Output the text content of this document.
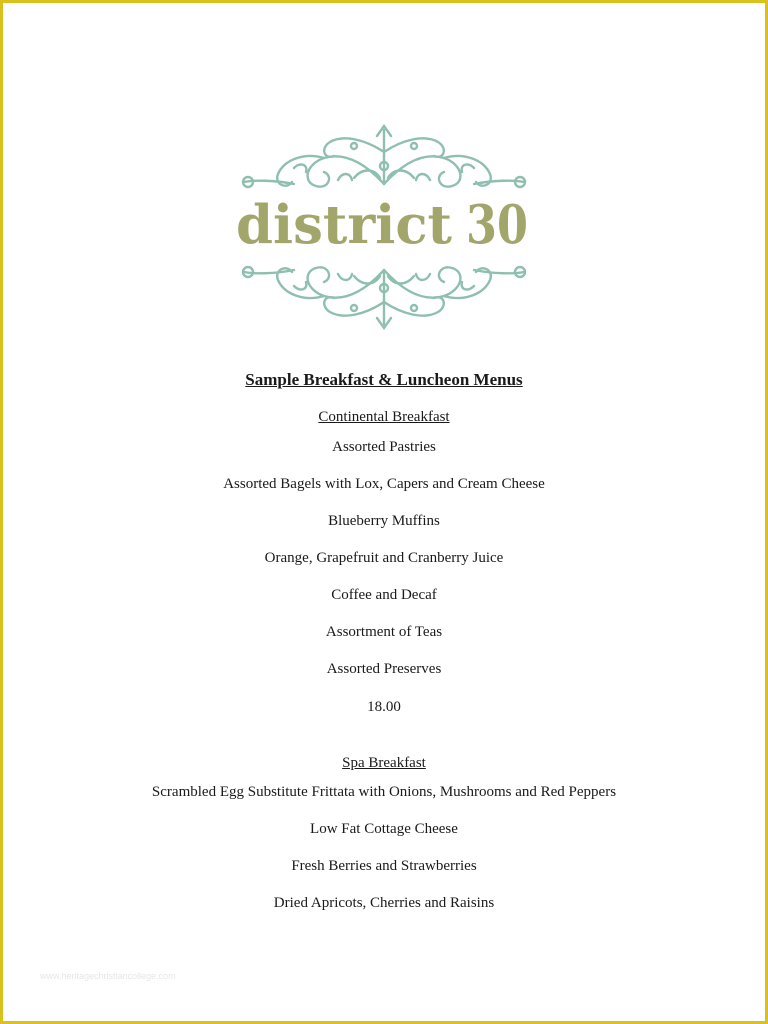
district 30
Sample Breakfast & Luncheon Menus
Continental Breakfast
Assorted Pastries
Assorted Bagels with Lox, Capers and Cream Cheese
Blueberry Muffins
Orange, Grapefruit and Cranberry Juice
Coffee and Decaf
Assortment of Teas
Assorted Preserves
18.00
Spa Breakfast
Scrambled Egg Substitute Frittata with Onions, Mushrooms and Red Peppers
Low Fat Cottage Cheese
Fresh Berries and Strawberries
Dried Apricots, Cherries and Raisins
www.heritagechristiancollege.com
